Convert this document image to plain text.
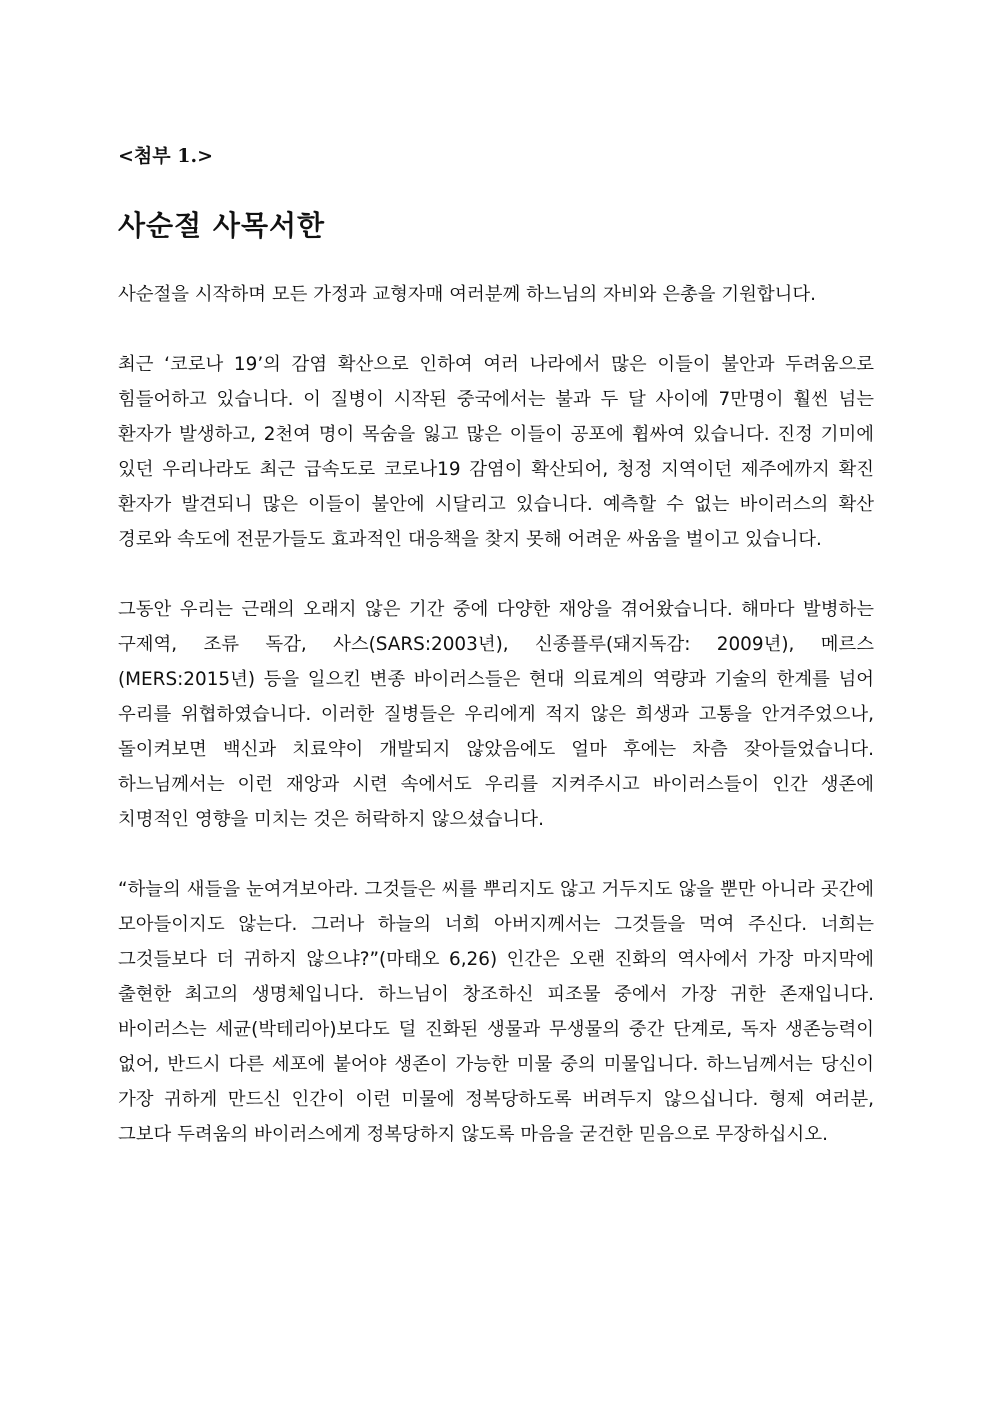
<첨부 1.>
사순절 사목서한

사순절을 시작하며 모든 가정과 교형자매 여러분께 하느님의 자비와 은총을 기원합니다.

최근 ‘코로나 19’의 감염 확산으로 인하여 여러 나라에서 많은 이들이 불안과 두려움으로 힘들어하고 있습니다. 이 질병이 시작된 중국에서는 불과 두 달 사이에 7만명이 훨씬 넘는 환자가 발생하고, 2천여 명이 목숨을 잃고 많은 이들이 공포에 휩싸여 있습니다. 진정 기미에 있던 우리나라도 최근 급속도로 코로나19 감염이 확산되어, 청정 지역이던 제주에까지 확진 환자가 발견되니 많은 이들이 불안에 시달리고 있습니다. 예측할 수 없는 바이러스의 확산 경로와 속도에 전문가들도 효과적인 대응책을 찾지 못해 어려운 싸움을 벌이고 있습니다.

그동안 우리는 근래의 오래지 않은 기간 중에 다양한 재앙을 겪어왔습니다. 해마다 발병하는 구제역, 조류 독감, 사스(SARS:2003년), 신종플루(돼지독감: 2009년), 메르스(MERS:2015년) 등을 일으킨 변종 바이러스들은 현대 의료계의 역량과 기술의 한계를 넘어 우리를 위협하였습니다. 이러한 질병들은 우리에게 적지 않은 희생과 고통을 안겨주었으나, 돌이켜보면 백신과 치료약이 개발되지 않았음에도 얼마 후에는 차츰 잦아들었습니다. 하느님께서는 이런 재앙과 시련 속에서도 우리를 지켜주시고 바이러스들이 인간 생존에 치명적인 영향을 미치는 것은 허락하지 않으셨습니다.

“하늘의 새들을 눈여겨보아라. 그것들은 씨를 뿌리지도 않고 거두지도 않을 뿐만 아니라 곳간에 모아들이지도 않는다. 그러나 하늘의 너희 아버지께서는 그것들을 먹여 주신다. 너희는 그것들보다 더 귀하지 않으냐?”(마태오 6,26) 인간은 오랜 진화의 역사에서 가장 마지막에 출현한 최고의 생명체입니다. 하느님이 창조하신 피조물 중에서 가장 귀한 존재입니다. 바이러스는 세균(박테리아)보다도 덜 진화된 생물과 무생물의 중간 단계로, 독자 생존능력이 없어, 반드시 다른 세포에 붙어야 생존이 가능한 미물 중의 미물입니다. 하느님께서는 당신이 가장 귀하게 만드신 인간이 이런 미물에 정복당하도록 버려두지 않으십니다. 형제 여러분, 그보다 두려움의 바이러스에게 정복당하지 않도록 마음을 굳건한 믿음으로 무장하십시오.
